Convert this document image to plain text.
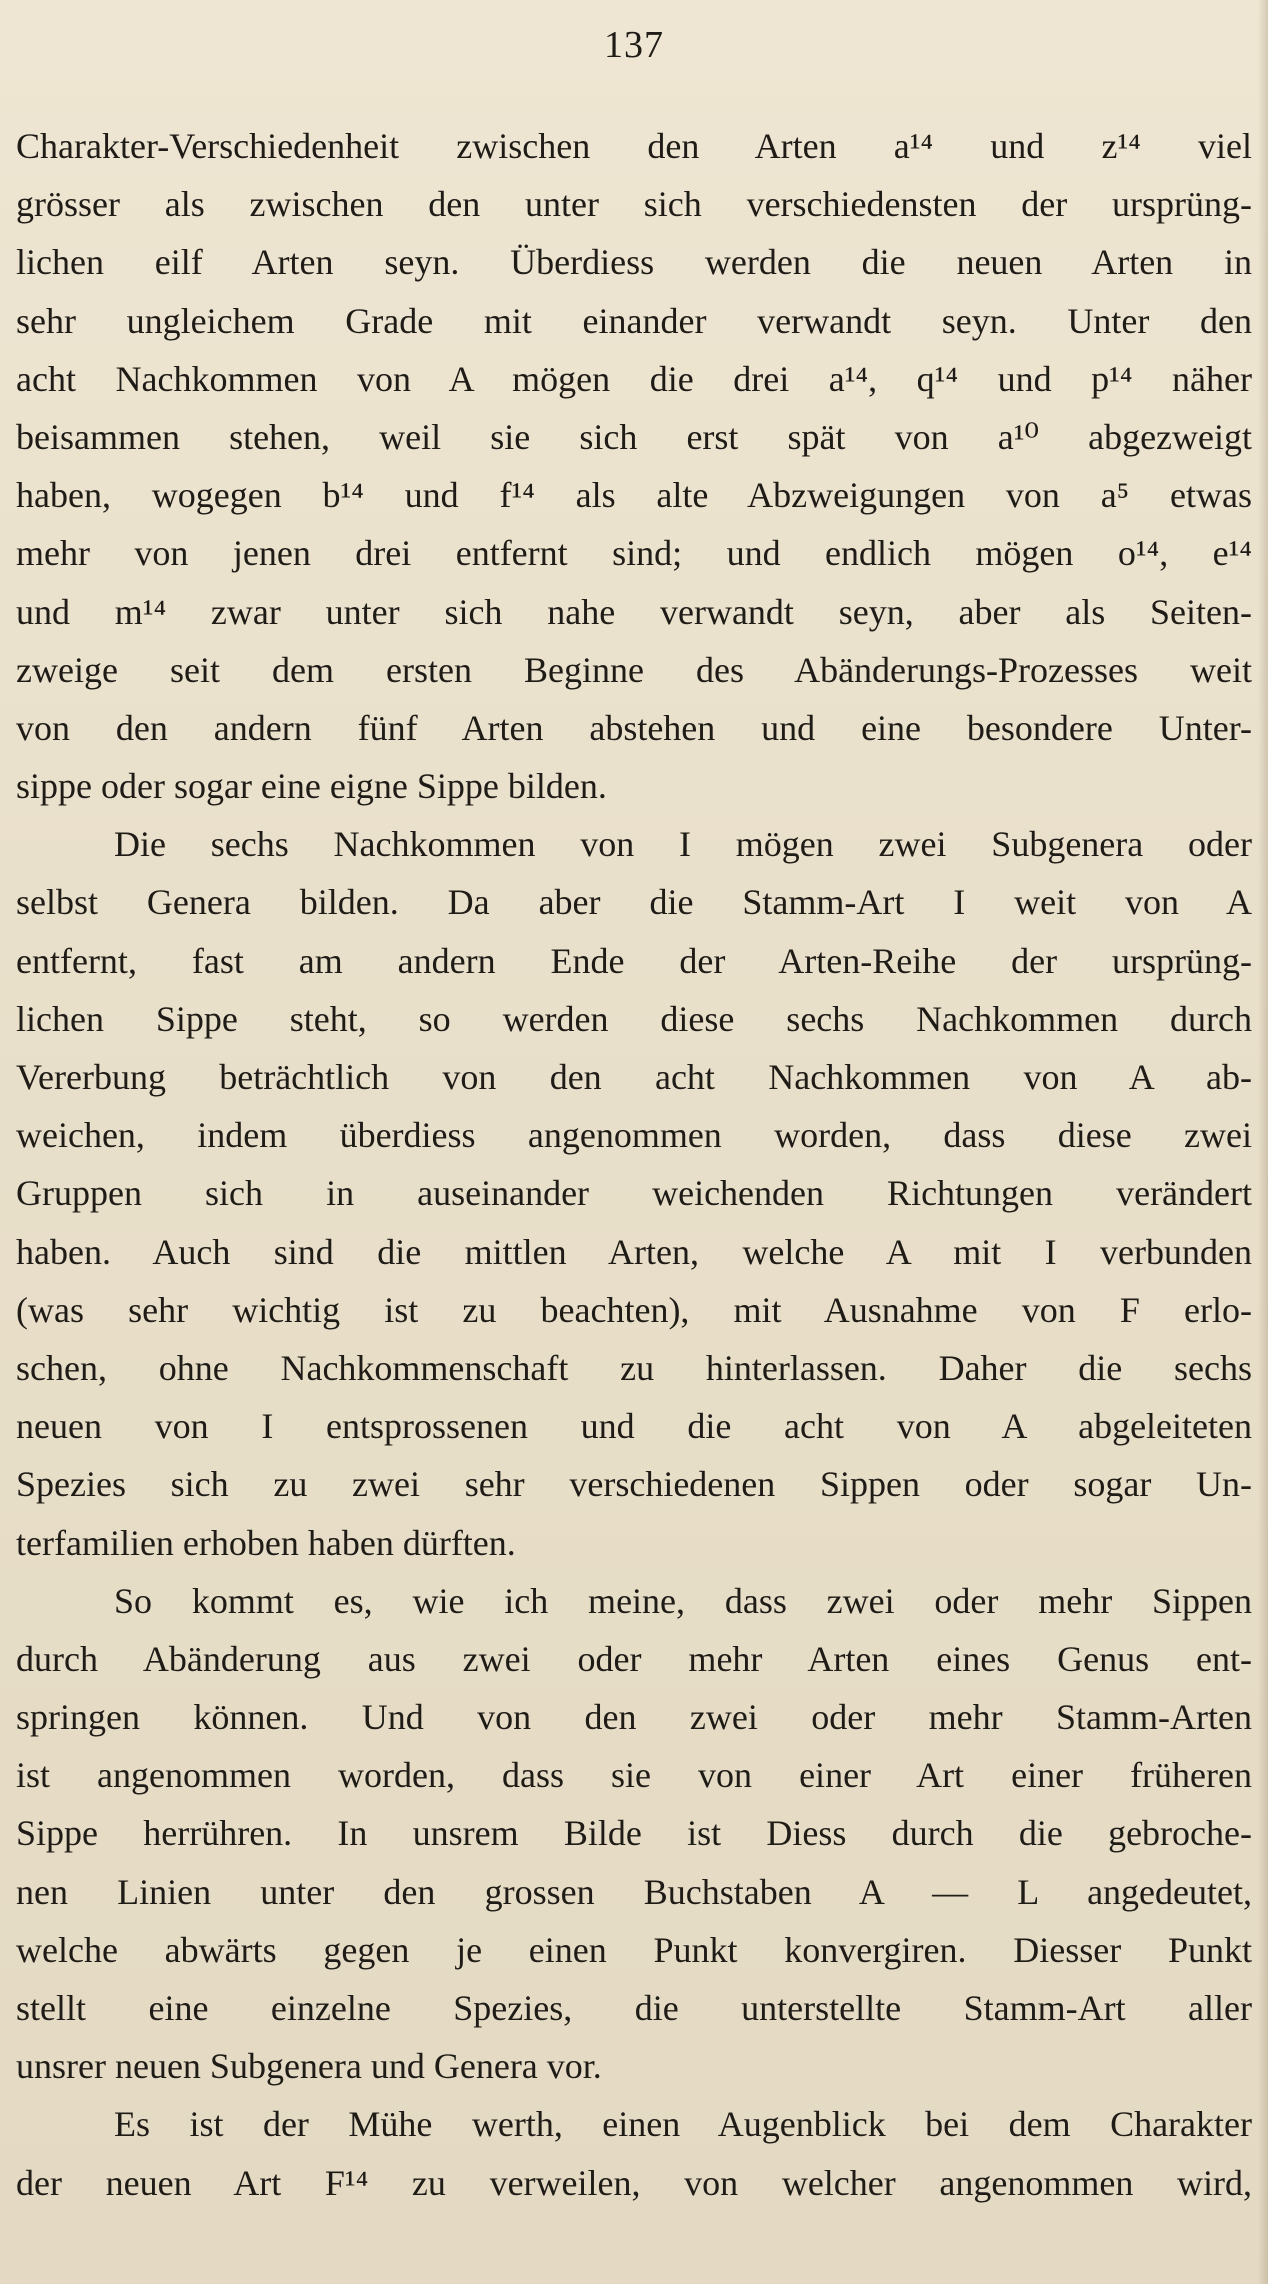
137
Charakter-Verschiedenheit zwischen den Arten a¹⁴ und z¹⁴ viel
grösser als zwischen den unter sich verschiedensten der ursprüng-
lichen eilf Arten seyn. Überdiess werden die neuen Arten in
sehr ungleichem Grade mit einander verwandt seyn. Unter den
acht Nachkommen von A mögen die drei a¹⁴, q¹⁴ und p¹⁴ näher
beisammen stehen, weil sie sich erst spät von a¹⁰ abgezweigt
haben, wogegen b¹⁴ und f¹⁴ als alte Abzweigungen von a⁵ etwas
mehr von jenen drei entfernt sind; und endlich mögen o¹⁴, e¹⁴
und m¹⁴ zwar unter sich nahe verwandt seyn, aber als Seiten-
zweige seit dem ersten Beginne des Abänderungs-Prozesses weit
von den andern fünf Arten abstehen und eine besondere Unter-
sippe oder sogar eine eigne Sippe bilden.
Die sechs Nachkommen von I mögen zwei Subgenera oder
selbst Genera bilden. Da aber die Stamm-Art I weit von A
entfernt, fast am andern Ende der Arten-Reihe der ursprüng-
lichen Sippe steht, so werden diese sechs Nachkommen durch
Vererbung beträchtlich von den acht Nachkommen von A ab-
weichen, indem überdiess angenommen worden, dass diese zwei
Gruppen sich in auseinander weichenden Richtungen verändert
haben. Auch sind die mittlen Arten, welche A mit I verbunden
(was sehr wichtig ist zu beachten), mit Ausnahme von F erlo-
schen, ohne Nachkommenschaft zu hinterlassen. Daher die sechs
neuen von I entsprossenen und die acht von A abgeleiteten
Spezies sich zu zwei sehr verschiedenen Sippen oder sogar Un-
terfamilien erhoben haben dürften.
So kommt es, wie ich meine, dass zwei oder mehr Sippen
durch Abänderung aus zwei oder mehr Arten eines Genus ent-
springen können. Und von den zwei oder mehr Stamm-Arten
ist angenommen worden, dass sie von einer Art einer früheren
Sippe herrühren. In unsrem Bilde ist Diess durch die gebroche-
nen Linien unter den grossen Buchstaben A — L angedeutet,
welche abwärts gegen je einen Punkt konvergiren. Diesser Punkt
stellt eine einzelne Spezies, die unterstellte Stamm-Art aller
unsrer neuen Subgenera und Genera vor.
Es ist der Mühe werth, einen Augenblick bei dem Charakter
der neuen Art F¹⁴ zu verweilen, von welcher angenommen wird,
